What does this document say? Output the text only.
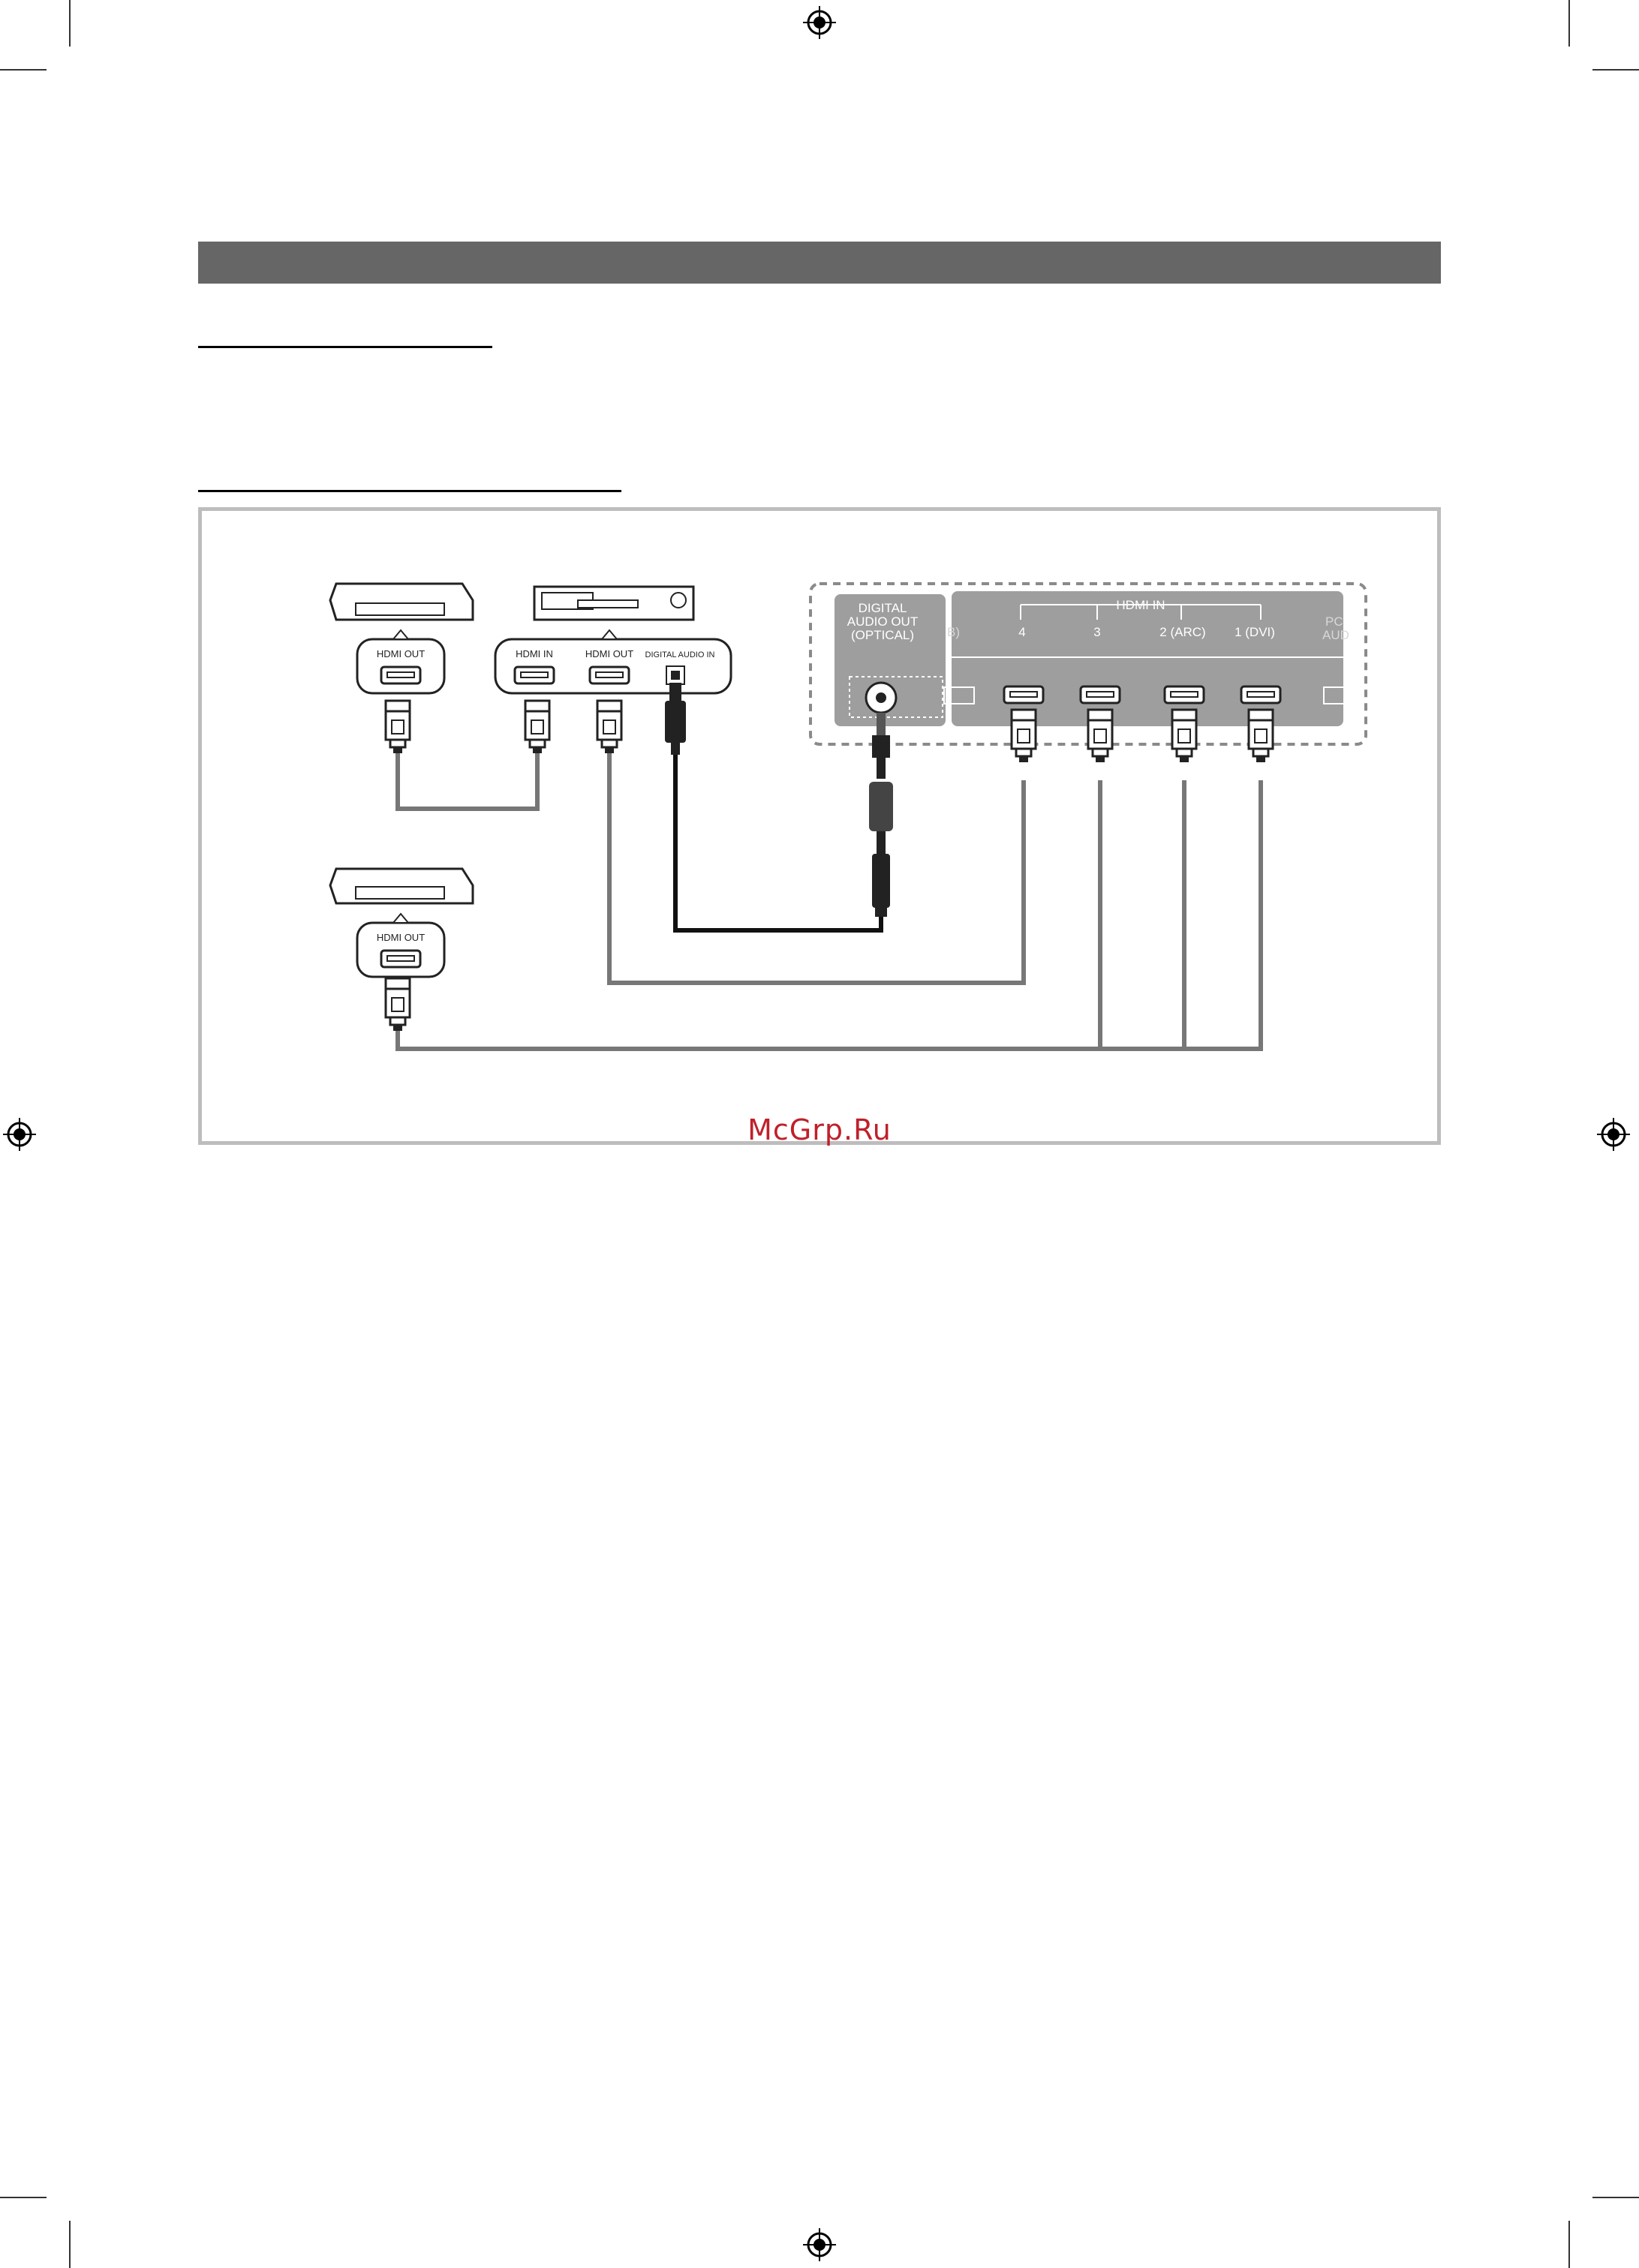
DIGITAL
AUDIO OUT
(OPTICAL)
HDMI IN
4	3	2 (ARC) 1 (DVI)
B)
PC
AUD
HDMI OUT	HDMI IN	HDMI OUT DIGITAL AUDIO IN
HDMI OUT
McGrp.Ru
